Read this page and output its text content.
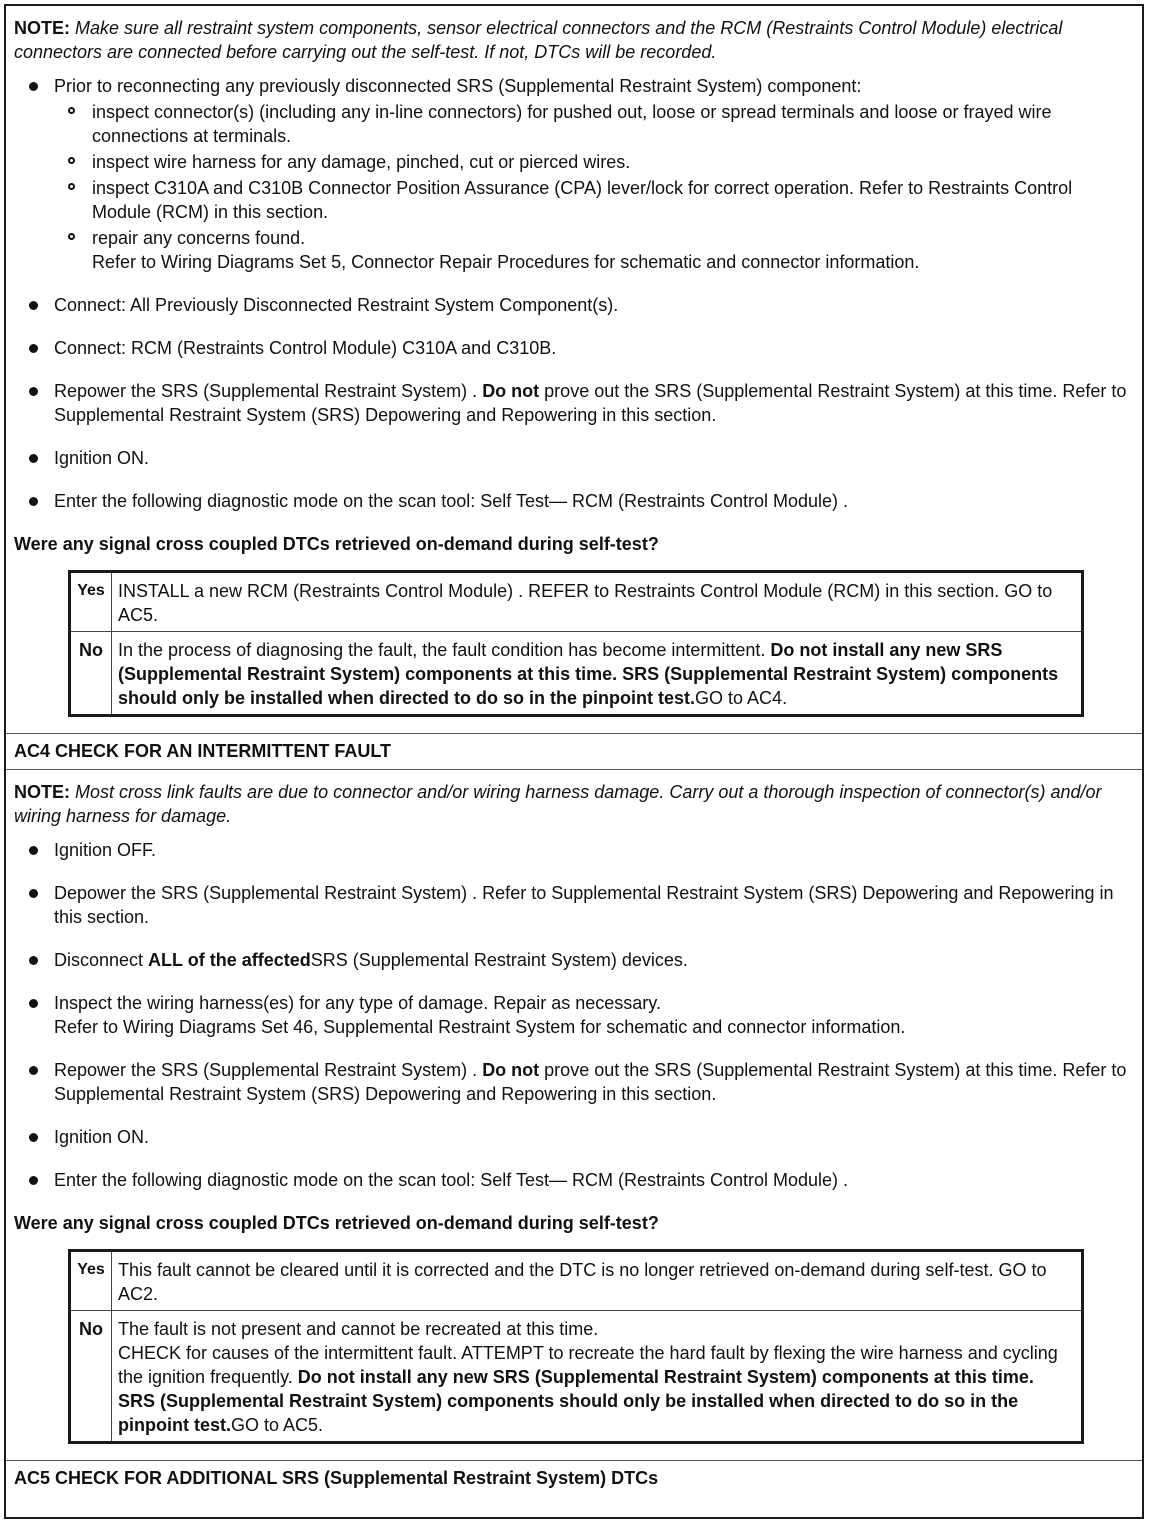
NOTE: Make sure all restraint system components, sensor electrical connectors and the RCM (Restraints Control Module) electrical connectors are connected before carrying out the self-test. If not, DTCs will be recorded.

Prior to reconnecting any previously disconnected SRS (Supplemental Restraint System) component:
inspect connector(s) (including any in-line connectors) for pushed out, loose or spread terminals and loose or frayed wire connections at terminals.
inspect wire harness for any damage, pinched, cut or pierced wires.
inspect C310A and C310B Connector Position Assurance (CPA) lever/lock for correct operation. Refer to Restraints Control Module (RCM) in this section.
repair any concerns found.
Refer to Wiring Diagrams Set 5, Connector Repair Procedures for schematic and connector information.
Connect: All Previously Disconnected Restraint System Component(s).
Connect: RCM (Restraints Control Module) C310A and C310B.
Repower the SRS (Supplemental Restraint System) . Do not prove out the SRS (Supplemental Restraint System) at this time. Refer to Supplemental Restraint System (SRS) Depowering and Repowering in this section.
Ignition ON.
Enter the following diagnostic mode on the scan tool: Self Test— RCM (Restraints Control Module) .
Were any signal cross coupled DTCs retrieved on-demand during self-test?
Yes	INSTALL a new RCM (Restraints Control Module) . REFER to Restraints Control Module (RCM) in this section. GO to AC5.
No	In the process of diagnosing the fault, the fault condition has become intermittent. Do not install any new SRS (Supplemental Restraint System) components at this time. SRS (Supplemental Restraint System) components should only be installed when directed to do so in the pinpoint test.GO to AC4.
AC4 CHECK FOR AN INTERMITTENT FAULT

NOTE: Most cross link faults are due to connector and/or wiring harness damage. Carry out a thorough inspection of connector(s) and/or wiring harness for damage.

Ignition OFF.
Depower the SRS (Supplemental Restraint System) . Refer to Supplemental Restraint System (SRS) Depowering and Repowering in this section.
Disconnect ALL of the affectedSRS (Supplemental Restraint System) devices.
Inspect the wiring harness(es) for any type of damage. Repair as necessary.
Refer to Wiring Diagrams Set 46, Supplemental Restraint System for schematic and connector information.
Repower the SRS (Supplemental Restraint System) . Do not prove out the SRS (Supplemental Restraint System) at this time. Refer to Supplemental Restraint System (SRS) Depowering and Repowering in this section.
Ignition ON.
Enter the following diagnostic mode on the scan tool: Self Test— RCM (Restraints Control Module) .
Were any signal cross coupled DTCs retrieved on-demand during self-test?
Yes	This fault cannot be cleared until it is corrected and the DTC is no longer retrieved on-demand during self-test. GO to AC2.
No	The fault is not present and cannot be recreated at this time.
CHECK for causes of the intermittent fault. ATTEMPT to recreate the hard fault by flexing the wire harness and cycling the ignition frequently. Do not install any new SRS (Supplemental Restraint System) components at this time. SRS (Supplemental Restraint System) components should only be installed when directed to do so in the pinpoint test.GO to AC5.
AC5 CHECK FOR ADDITIONAL SRS (Supplemental Restraint System) DTCs
